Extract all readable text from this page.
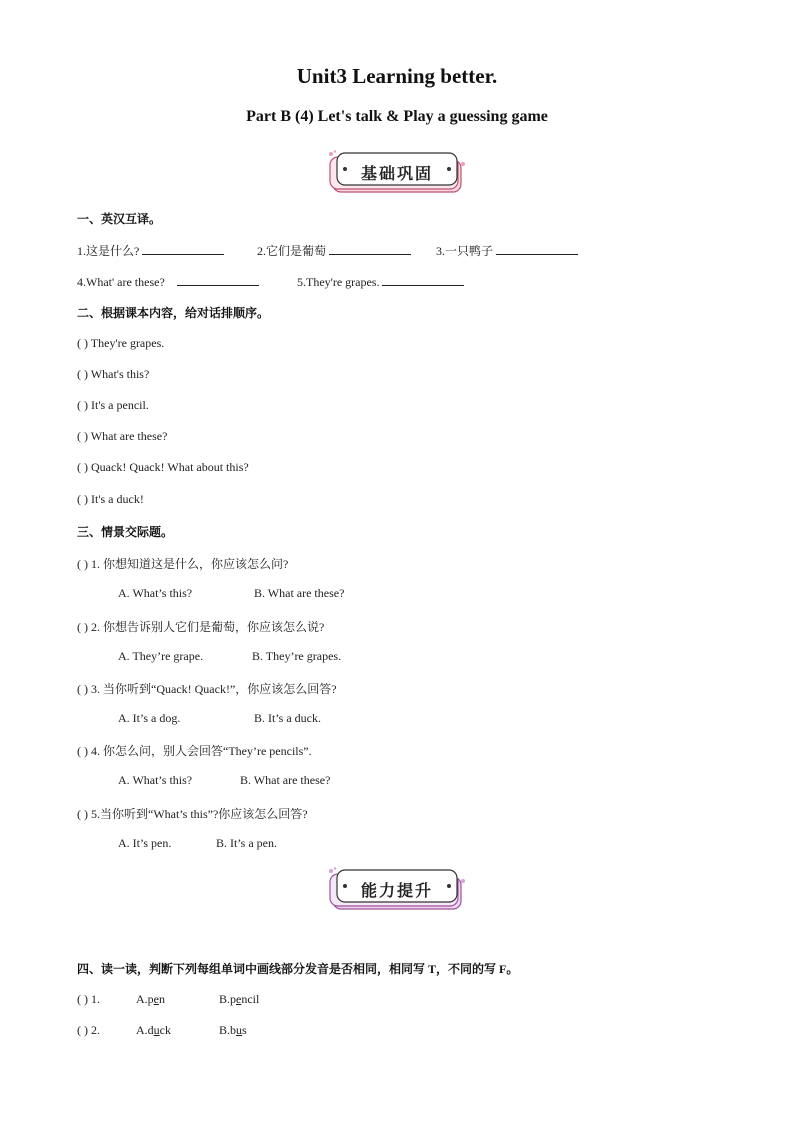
Unit3 Learning better.
Part B (4) Let's talk & Play a guessing game
基础巩固
一、英汉互译。
1.这是什么?	2.它们是葡萄	3.一只鸭子
4.What' are these?	5.They're grapes.
二、根据课本内容，给对话排顺序。
( ) They're grapes.
( ) What's this?
( ) It's a pencil.
( ) What are these?
( ) Quack! Quack! What about this?
( ) It's a duck!
三、情景交际题。
( ) 1. 你想知道这是什么，你应该怎么问?
A. What’s this?	B. What are these?
( ) 2. 你想告诉别人它们是葡萄，你应该怎么说?
A. They’re grape.	B. They’re grapes.
( ) 3. 当你听到“Quack! Quack!”，你应该怎么回答?
A. It’s a dog.	B. It’s a duck.
( ) 4. 你怎么问，别人会回答“They’re pencils”.
A. What’s this?	B. What are these?
( ) 5.当你听到“What’s this”?你应该怎么回答?
A. It’s pen.	B. It’s a pen.
能力提升
四、读一读，判断下列每组单词中画线部分发音是否相同，相同写 T，不同的写 F。
( ) 1.	A.pen	B.pencil
( ) 2.	A.duck	B.bus
